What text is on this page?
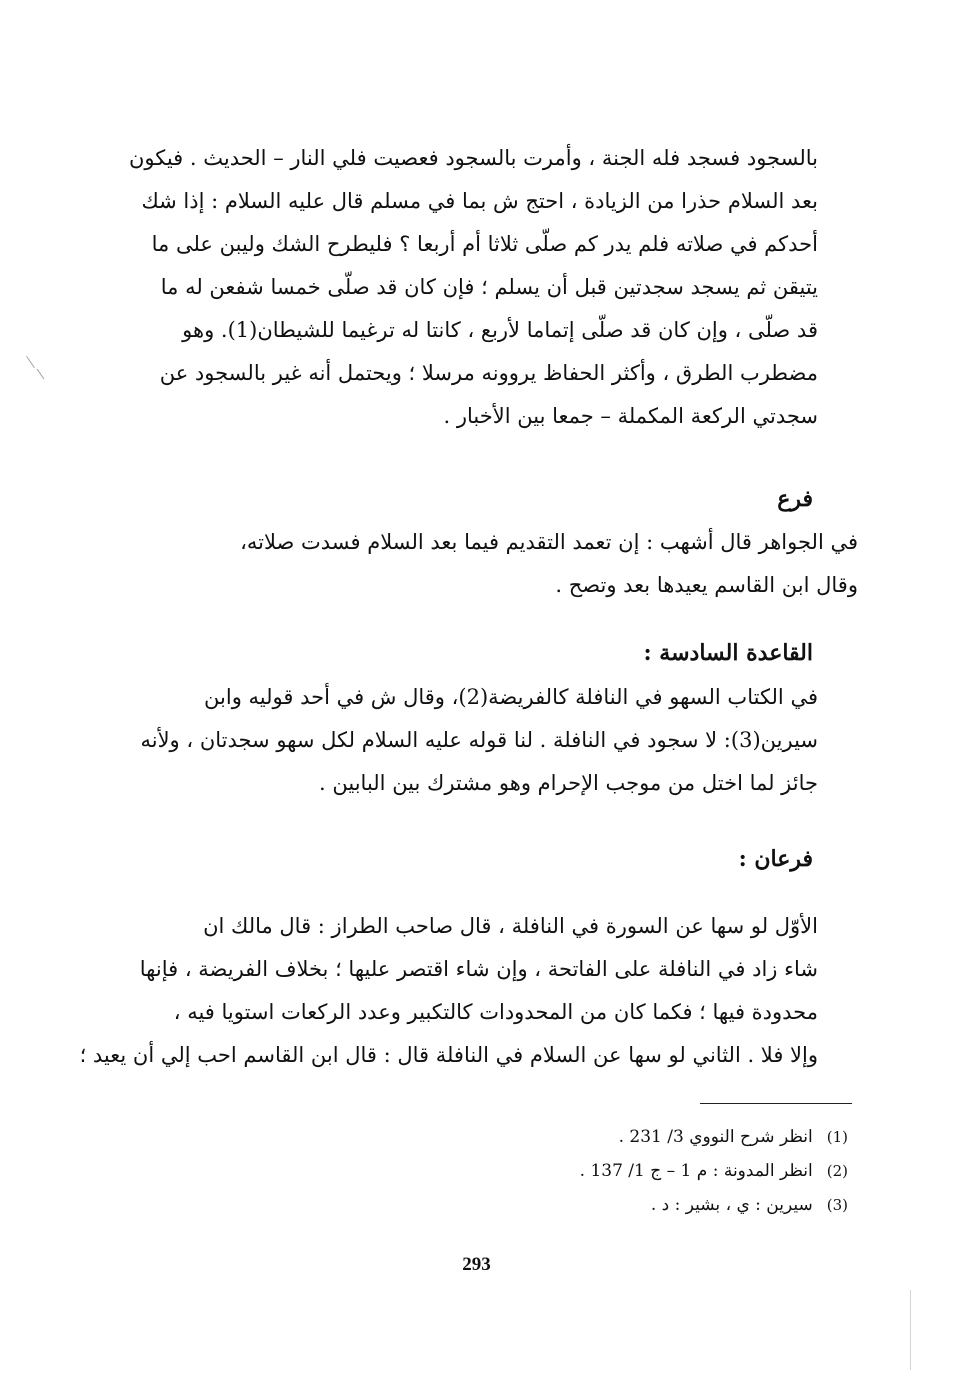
بالسجود فسجد فله الجنة ، وأمرت بالسجود فعصيت فلي النار – الحديث . فيكون
بعد السلام حذرا من الزيادة ، احتج ش بما في مسلم قال عليه السلام : إذا شك
أحدكم في صلاته فلم يدر كم صلّى ثلاثا أم أربعا ؟ فليطرح الشك وليبن على ما
يتيقن ثم يسجد سجدتين قبل أن يسلم ؛ فإن كان قد صلّى خمسا شفعن له ما
قد صلّى ، وإن كان قد صلّى إتماما لأربع ، كانتا له ترغيما للشيطان(1). وهو
مضطرب الطرق ، وأكثر الحفاظ يروونه مرسلا ؛ ويحتمل أنه غير بالسجود عن
سجدتي الركعة المكملة – جمعا بين الأخبار .
فرع
في الجواهر قال أشهب : إن تعمد التقديم فيما بعد السلام فسدت صلاته،
وقال ابن القاسم يعيدها بعد وتصح .
القاعدة السادسة :
في الكتاب السهو في النافلة كالفريضة(2)، وقال ش في أحد قوليه وابن
سيرين(3): لا سجود في النافلة . لنا قوله عليه السلام لكل سهو سجدتان ، ولأنه
جائز لما اختل من موجب الإحرام وهو مشترك بين البابين .
فرعان :
الأوّل لو سها عن السورة في النافلة ، قال صاحب الطراز : قال مالك ان
شاء زاد في النافلة على الفاتحة ، وإن شاء اقتصر عليها ؛ بخلاف الفريضة ، فإنها
محدودة فيها ؛ فكما كان من المحدودات كالتكبير وعدد الركعات استويا فيه ،
وإلا فلا . الثاني لو سها عن السلام في النافلة قال : قال ابن القاسم احب إلي أن يعيد ؛
(1)انظر شرح النووي 3/ 231 .
(2)انظر المدونة : م 1 – ج 1/ 137 .
(3)سيرين : ي ، بشير : د .
293
